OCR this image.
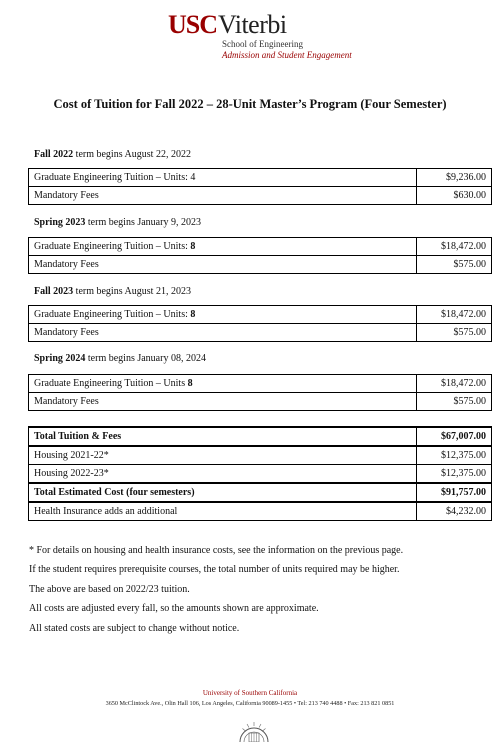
USCViterbi
School of Engineering
Admission and Student Engagement
Cost of Tuition for Fall 2022 – 28-Unit Master’s Program (Four Semester)
Fall 2022 term begins August 22, 2022
Graduate Engineering Tuition – Units: 4	$9,236.00
Mandatory Fees	$630.00
Spring 2023 term begins January 9, 2023
Graduate Engineering Tuition – Units: 8	$18,472.00
Mandatory Fees	$575.00
Fall 2023 term begins August 21, 2023
Graduate Engineering Tuition – Units: 8	$18,472.00
Mandatory Fees	$575.00
Spring 2024 term begins January 08, 2024
Graduate Engineering Tuition – Units 8	$18,472.00
Mandatory Fees	$575.00
Total Tuition & Fees	$67,007.00
Housing 2021-22*	$12,375.00
Housing 2022-23*	$12,375.00
Total Estimated Cost (four semesters)	$91,757.00
Health Insurance adds an additional	$4,232.00

* For details on housing and health insurance costs, see the information on the previous page.

If the student requires prerequisite courses, the total number of units required may be higher.

The above are based on 2022/23 tuition.

All costs are adjusted every fall, so the amounts shown are approximate.

All stated costs are subject to change without notice.

University of Southern California
3650 McClintock Ave., Olin Hall 106, Los Angeles, California 90089-1455 • Tel: 213 740 4488 • Fax: 213 821 0851
